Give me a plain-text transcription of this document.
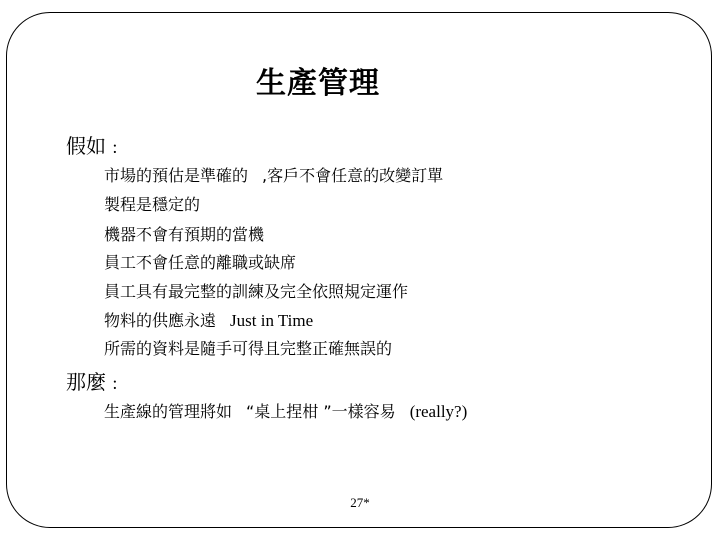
生產管理
假如 :
市場的預估是準確的 ,客戶不會任意的改變訂單
製程是穩定的
機器不會有預期的當機
員工不會任意的離職或缺席
員工具有最完整的訓練及完全依照規定運作
物料的供應永遠 Just in Time
所需的資料是隨手可得且完整正確無誤的
那麼 :
生產線的管理將如 “桌上捏柑 ”一樣容易 (really?)
27*
